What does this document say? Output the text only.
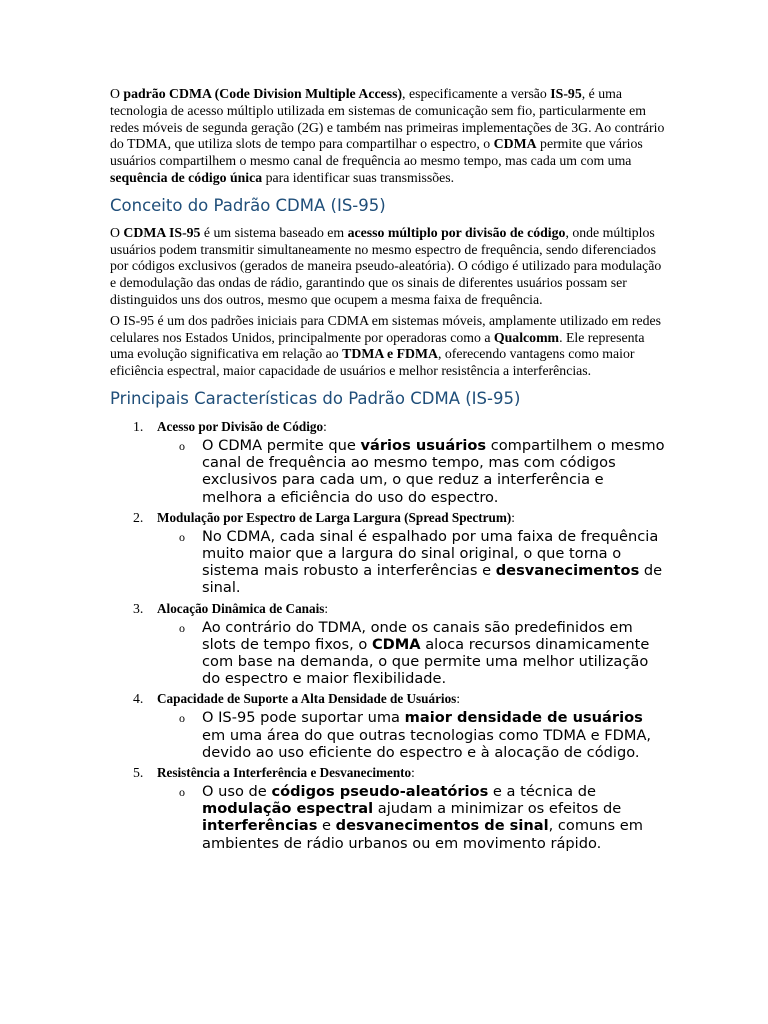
O padrão CDMA (Code Division Multiple Access), especificamente a versão IS-95, é uma tecnologia de acesso múltiplo utilizada em sistemas de comunicação sem fio, particularmente em redes móveis de segunda geração (2G) e também nas primeiras implementações de 3G. Ao contrário do TDMA, que utiliza slots de tempo para compartilhar o espectro, o CDMA permite que vários usuários compartilhem o mesmo canal de frequência ao mesmo tempo, mas cada um com uma sequência de código única para identificar suas transmissões.

Conceito do Padrão CDMA (IS-95)

O CDMA IS-95 é um sistema baseado em acesso múltiplo por divisão de código, onde múltiplos usuários podem transmitir simultaneamente no mesmo espectro de frequência, sendo diferenciados por códigos exclusivos (gerados de maneira pseudo-aleatória). O código é utilizado para modulação e demodulação das ondas de rádio, garantindo que os sinais de diferentes usuários possam ser distinguidos uns dos outros, mesmo que ocupem a mesma faixa de frequência.

O IS-95 é um dos padrões iniciais para CDMA em sistemas móveis, amplamente utilizado em redes celulares nos Estados Unidos, principalmente por operadoras como a Qualcomm. Ele representa uma evolução significativa em relação ao TDMA e FDMA, oferecendo vantagens como maior eficiência espectral, maior capacidade de usuários e melhor resistência a interferências.

Principais Características do Padrão CDMA (IS-95)
1. Acesso por Divisão de Código:
o O CDMA permite que vários usuários compartilhem o mesmo canal de frequência ao mesmo tempo, mas com códigos exclusivos para cada um, o que reduz a interferência e melhora a eficiência do uso do espectro.
2. Modulação por Espectro de Larga Largura (Spread Spectrum):
o No CDMA, cada sinal é espalhado por uma faixa de frequência muito maior que a largura do sinal original, o que torna o sistema mais robusto a interferências e desvanecimentos de sinal.
3. Alocação Dinâmica de Canais:
o Ao contrário do TDMA, onde os canais são predefinidos em slots de tempo fixos, o CDMA aloca recursos dinamicamente com base na demanda, o que permite uma melhor utilização do espectro e maior flexibilidade.
4. Capacidade de Suporte a Alta Densidade de Usuários:
o O IS-95 pode suportar uma maior densidade de usuários em uma área do que outras tecnologias como TDMA e FDMA, devido ao uso eficiente do espectro e à alocação de código.
5. Resistência a Interferência e Desvanecimento:
o O uso de códigos pseudo-aleatórios e a técnica de modulação espectral ajudam a minimizar os efeitos de interferências e desvanecimentos de sinal, comuns em ambientes de rádio urbanos ou em movimento rápido.
